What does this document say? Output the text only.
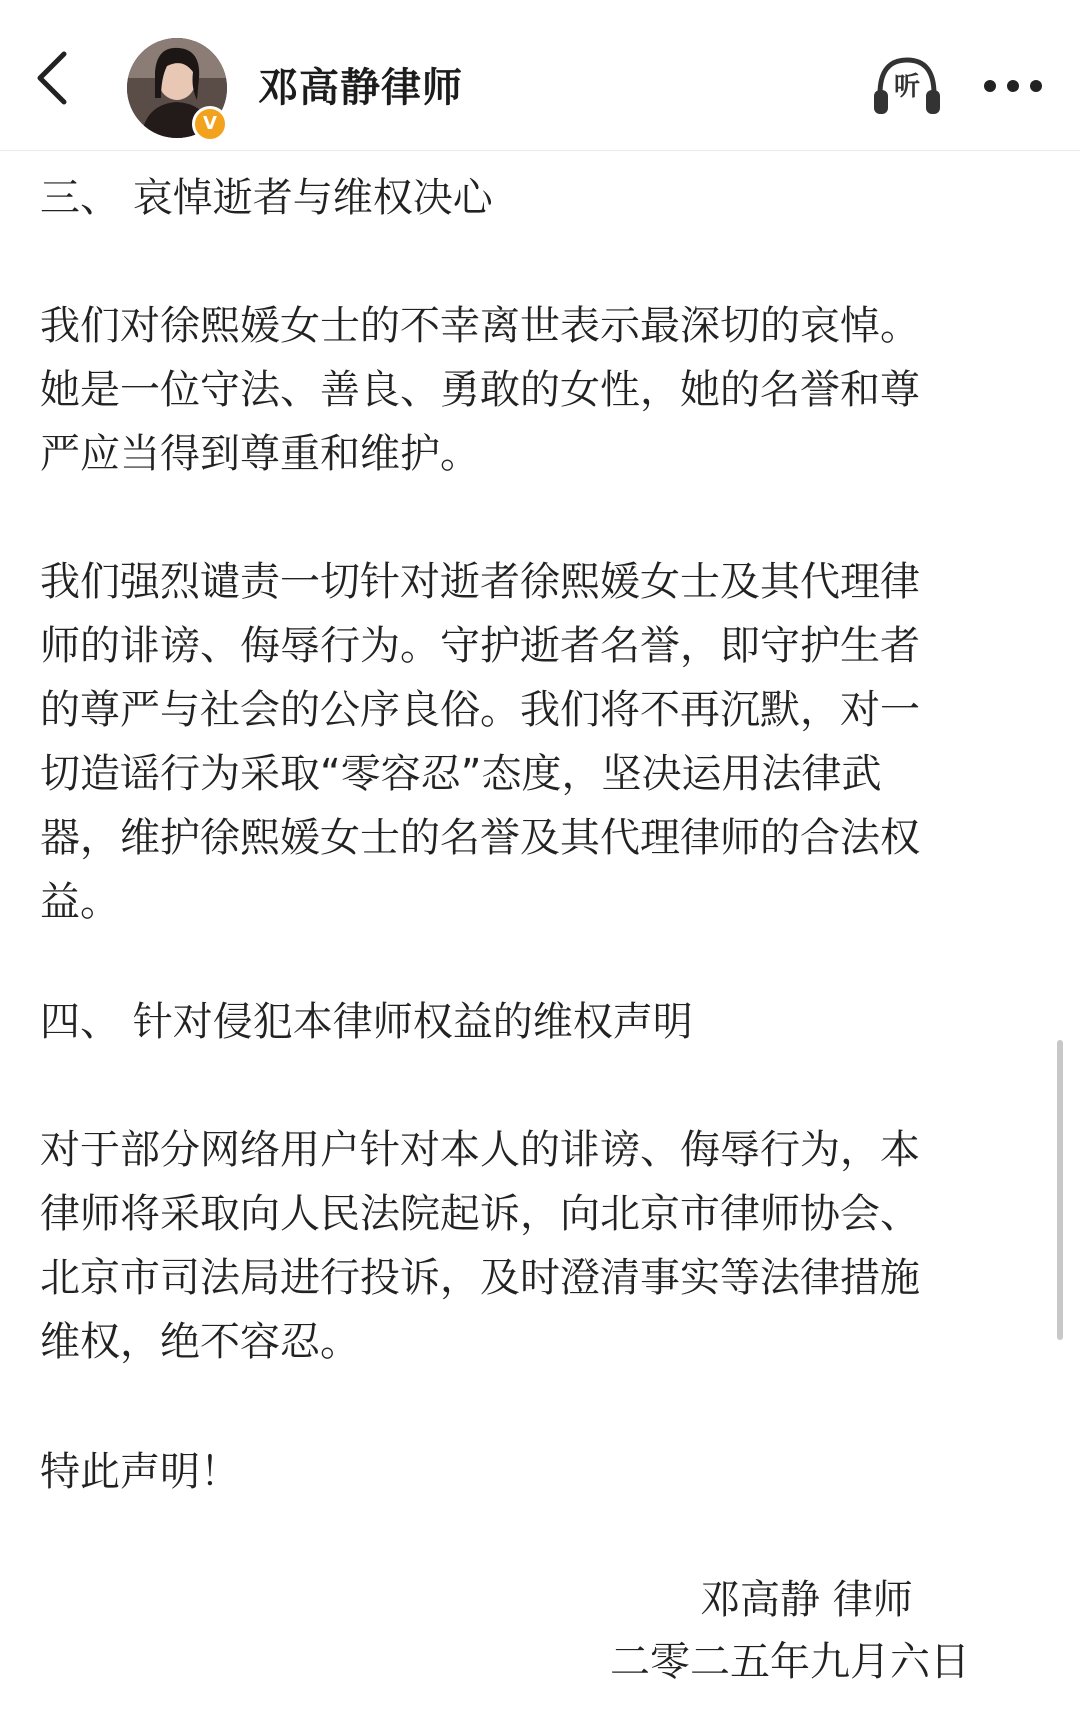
V
邓高静律师	听

三、 哀悼逝者与维权决心

我们对徐熙媛女士的不幸离世表示最深切的哀悼。
她是一位守法、善良、勇敢的女性，她的名誉和尊
严应当得到尊重和维护。

我们强烈谴责一切针对逝者徐熙媛女士及其代理律
师的诽谤、侮辱行为。守护逝者名誉，即守护生者
的尊严与社会的公序良俗。我们将不再沉默，对一
切造谣行为采取“零容忍”态度，坚决运用法律武
器，维护徐熙媛女士的名誉及其代理律师的合法权
益。

四、 针对侵犯本律师权益的维权声明

对于部分网络用户针对本人的诽谤、侮辱行为，本
律师将采取向人民法院起诉，向北京市律师协会、
北京市司法局进行投诉，及时澄清事实等法律措施
维权，绝不容忍。

特此声明！

邓高静 律师
二零二五年九月六日
